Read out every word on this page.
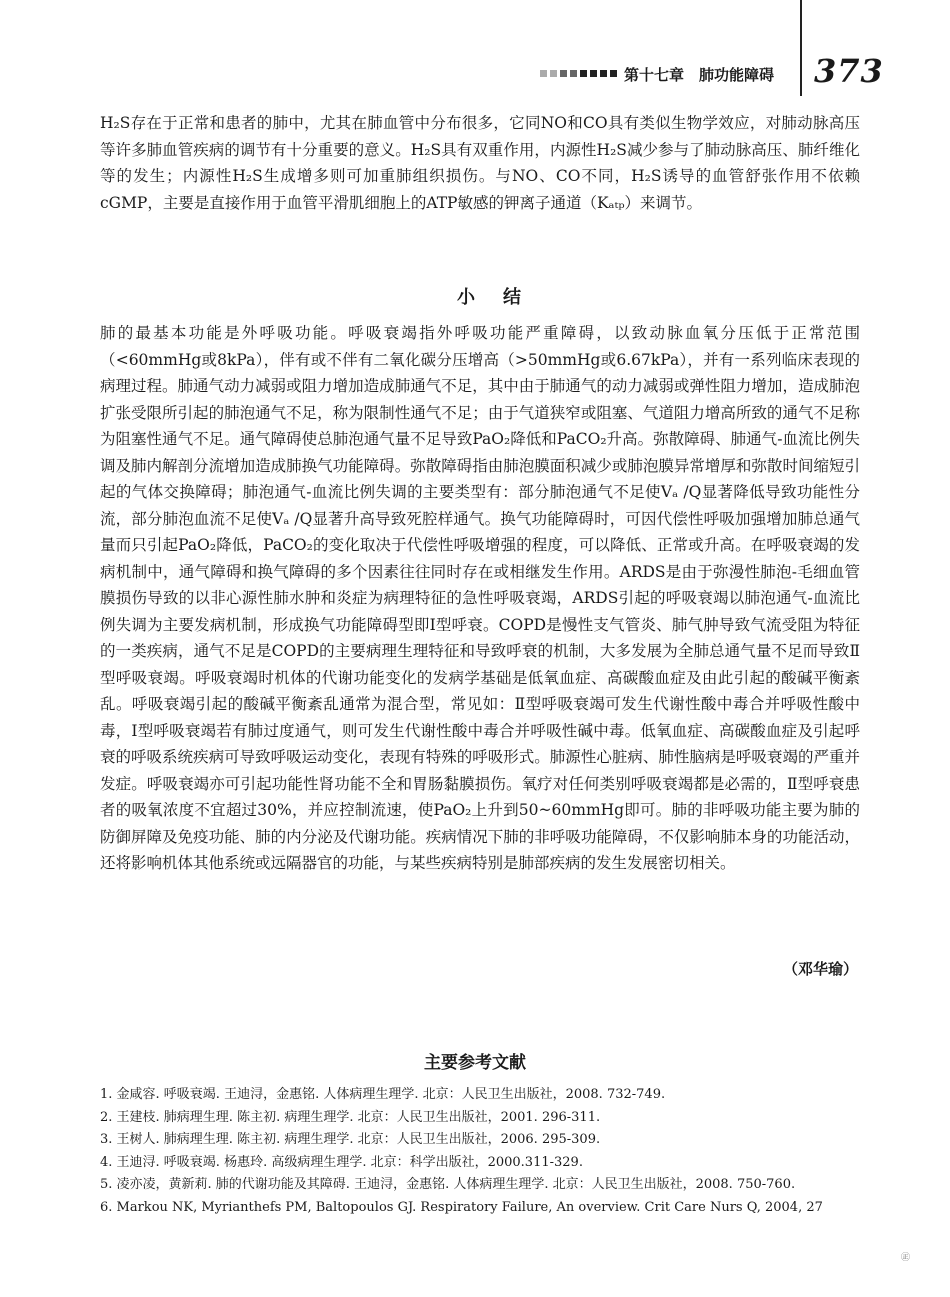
第十七章　肺功能障碍 373

H₂S存在于正常和患者的肺中，尤其在肺血管中分布很多，它同NO和CO具有类似生物学效应，对肺动脉高压等许多肺血管疾病的调节有十分重要的意义。H₂S具有双重作用，内源性H₂S减少参与了肺动脉高压、肺纤维化等的发生；内源性H₂S生成增多则可加重肺组织损伤。与NO、CO不同，H₂S诱导的血管舒张作用不依赖cGMP，主要是直接作用于血管平滑肌细胞上的ATP敏感的钾离子通道（Kₐₜₚ）来调节。

小结

肺的最基本功能是外呼吸功能。呼吸衰竭指外呼吸功能严重障碍，以致动脉血氧分压低于正常范围（<60mmHg或8kPa），伴有或不伴有二氧化碳分压增高（>50mmHg或6.67kPa），并有一系列临床表现的病理过程。肺通气动力减弱或阻力增加造成肺通气不足，其中由于肺通气的动力减弱或弹性阻力增加，造成肺泡扩张受限所引起的肺泡通气不足，称为限制性通气不足；由于气道狭窄或阻塞、气道阻力增高所致的通气不足称为阻塞性通气不足。通气障碍使总肺泡通气量不足导致PaO₂降低和PaCO₂升高。弥散障碍、肺通气-血流比例失调及肺内解剖分流增加造成肺换气功能障碍。弥散障碍指由肺泡膜面积减少或肺泡膜异常增厚和弥散时间缩短引起的气体交换障碍；肺泡通气-血流比例失调的主要类型有：部分肺泡通气不足使Vₐ /Q显著降低导致功能性分流，部分肺泡血流不足使Vₐ /Q显著升高导致死腔样通气。换气功能障碍时，可因代偿性呼吸加强增加肺总通气量而只引起PaO₂降低，PaCO₂的变化取决于代偿性呼吸增强的程度，可以降低、正常或升高。在呼吸衰竭的发病机制中，通气障碍和换气障碍的多个因素往往同时存在或相继发生作用。ARDS是由于弥漫性肺泡-毛细血管膜损伤导致的以非心源性肺水肿和炎症为病理特征的急性呼吸衰竭，ARDS引起的呼吸衰竭以肺泡通气-血流比例失调为主要发病机制，形成换气功能障碍型即Ⅰ型呼衰。COPD是慢性支气管炎、肺气肿导致气流受阻为特征的一类疾病，通气不足是COPD的主要病理生理特征和导致呼衰的机制，大多发展为全肺总通气量不足而导致Ⅱ型呼吸衰竭。呼吸衰竭时机体的代谢功能变化的发病学基础是低氧血症、高碳酸血症及由此引起的酸碱平衡紊乱。呼吸衰竭引起的酸碱平衡紊乱通常为混合型，常见如：Ⅱ型呼吸衰竭可发生代谢性酸中毒合并呼吸性酸中毒，Ⅰ型呼吸衰竭若有肺过度通气，则可发生代谢性酸中毒合并呼吸性碱中毒。低氧血症、高碳酸血症及引起呼衰的呼吸系统疾病可导致呼吸运动变化，表现有特殊的呼吸形式。肺源性心脏病、肺性脑病是呼吸衰竭的严重并发症。呼吸衰竭亦可引起功能性肾功能不全和胃肠黏膜损伤。氧疗对任何类别呼吸衰竭都是必需的，Ⅱ型呼衰患者的吸氧浓度不宜超过30%，并应控制流速，使PaO₂上升到50~60mmHg即可。肺的非呼吸功能主要为肺的防御屏障及免疫功能、肺的内分泌及代谢功能。疾病情况下肺的非呼吸功能障碍，不仅影响肺本身的功能活动，还将影响机体其他系统或远隔器官的功能，与某些疾病特别是肺部疾病的发生发展密切相关。

（邓华瑜）
主要参考文献
1. 金咸容. 呼吸衰竭. 王迪浔，金惠铭. 人体病理生理学. 北京：人民卫生出版社，2008. 732-749.
2. 王建枝. 肺病理生理. 陈主初. 病理生理学. 北京：人民卫生出版社，2001. 296-311.
3. 王树人. 肺病理生理. 陈主初. 病理生理学. 北京：人民卫生出版社，2006. 295-309.
4. 王迪浔. 呼吸衰竭. 杨惠玲. 高级病理生理学. 北京：科学出版社，2000.311-329.
5. 凌亦凌，黄新莉. 肺的代谢功能及其障碍. 王迪浔，金惠铭. 人体病理生理学. 北京：人民卫生出版社，2008. 750-760.
6. Markou NK, Myrianthefs PM, Baltopoulos GJ. Respiratory Failure, An overview. Crit Care Nurs Q, 2004, 27
㊣
